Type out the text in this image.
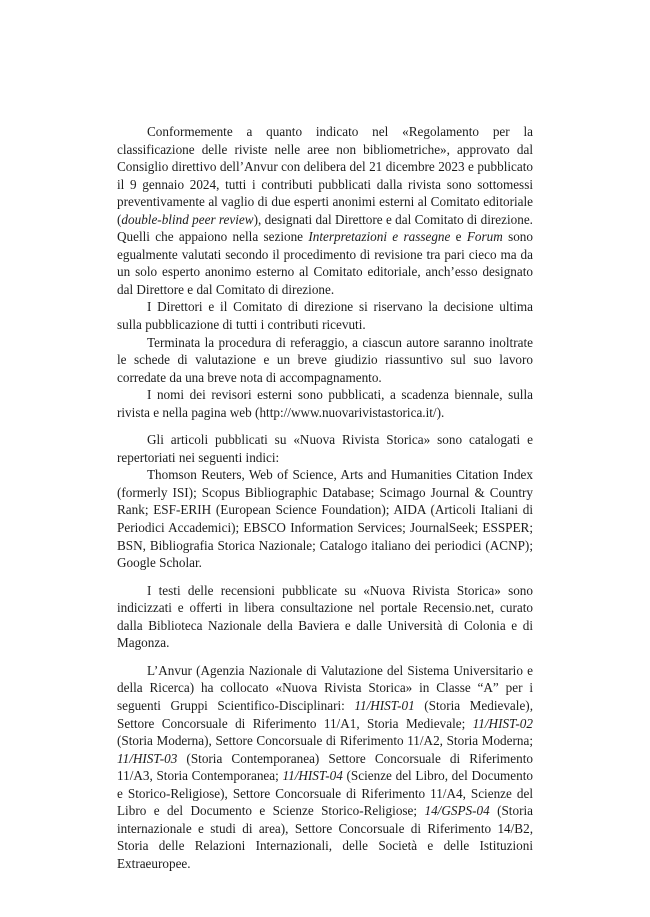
Conformemente a quanto indicato nel «Regolamento per la classificazione delle riviste nelle aree non bibliometriche», approvato dal Consiglio direttivo dell’Anvur con delibera del 21 dicembre 2023 e pubblicato il 9 gennaio 2024, tutti i contributi pubblicati dalla rivista sono sottomessi preventivamente al vaglio di due esperti anonimi esterni al Comitato editoriale (double-blind peer review), designati dal Direttore e dal Comitato di direzione. Quelli che appaiono nella sezione Interpretazioni e rassegne e Forum sono egualmente valutati secondo il procedimento di revisione tra pari cieco ma da un solo esperto anonimo esterno al Comitato editoriale, anch’esso designato dal Direttore e dal Comitato di direzione.

I Direttori e il Comitato di direzione si riservano la decisione ultima sulla pubblicazione di tutti i contributi ricevuti.

Terminata la procedura di referaggio, a ciascun autore saranno inoltrate le schede di valutazione e un breve giudizio riassuntivo sul suo lavoro corredate da una breve nota di accompagnamento.

I nomi dei revisori esterni sono pubblicati, a scadenza biennale, sulla rivista e nella pagina web (http://www.nuovarivistastorica.it/).

Gli articoli pubblicati su «Nuova Rivista Storica» sono catalogati e repertoriati nei seguenti indici:

Thomson Reuters, Web of Science, Arts and Humanities Citation Index (formerly ISI); Scopus Bibliographic Database; Scimago Journal & Country Rank; ESF-ERIH (European Science Foundation); AIDA (Articoli Italiani di Periodici Accademici); EBSCO Information Services; JournalSeek; ESSPER; BSN, Bibliografia Storica Nazionale; Catalogo italiano dei periodici (ACNP); Google Scholar.

I testi delle recensioni pubblicate su «Nuova Rivista Storica» sono indicizzati e offerti in libera consultazione nel portale Recensio.net, curato dalla Biblioteca Nazionale della Baviera e dalle Università di Colonia e di Magonza.

L’Anvur (Agenzia Nazionale di Valutazione del Sistema Universitario e della Ricerca) ha collocato «Nuova Rivista Storica» in Classe “A” per i seguenti Gruppi Scientifico-Disciplinari: 11/HIST-01 (Storia Medievale), Settore Concorsuale di Riferimento 11/A1, Storia Medievale; 11/HIST-02 (Storia Moderna), Settore Concorsuale di Riferimento 11/A2, Storia Moderna; 11/HIST-03 (Storia Contemporanea) Settore Concorsuale di Riferimento 11/A3, Storia Contemporanea; 11/HIST-04 (Scienze del Libro, del Documento e Storico-Religiose), Settore Concorsuale di Riferimento 11/A4, Scienze del Libro e del Documento e Scienze Storico-Religiose; 14/GSPS-04 (Storia internazionale e studi di area), Settore Concorsuale di Riferimento 14/B2, Storia delle Relazioni Internazionali, delle Società e delle Istituzioni Extraeuropee.
